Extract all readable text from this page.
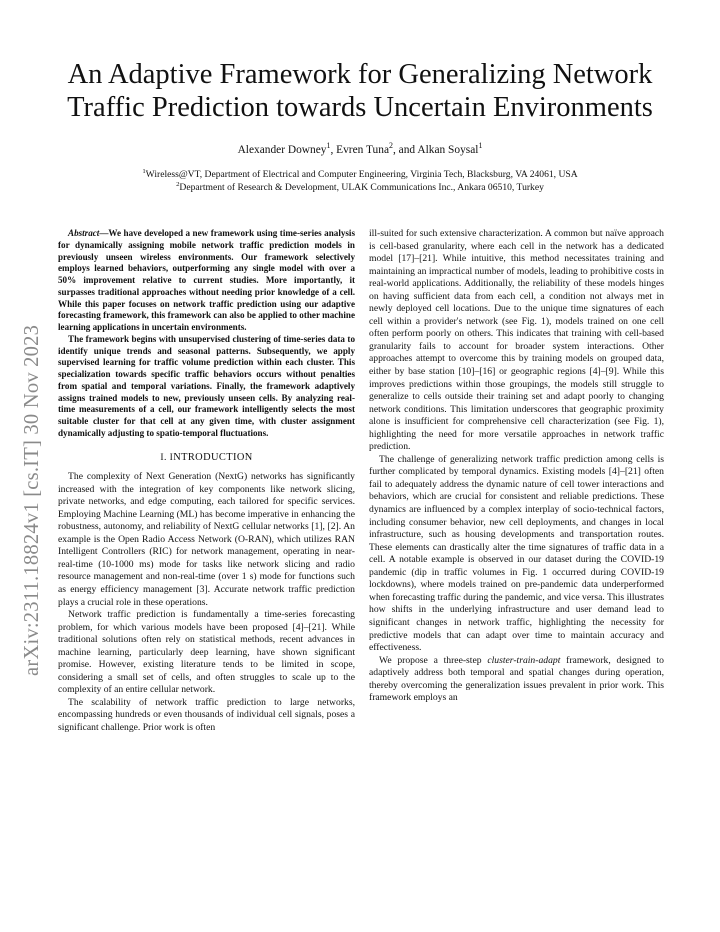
arXiv:2311.18824v1 [cs.IT] 30 Nov 2023
An Adaptive Framework for Generalizing Network Traffic Prediction towards Uncertain Environments
Alexander Downey$^1$, Evren Tuna$^2$, and Alkan Soysal$^1$
$^1$Wireless@VT, Department of Electrical and Computer Engineering, Virginia Tech, Blacksburg, VA 24061, USA
$^2$Department of Research & Development, ULAK Communications Inc., Ankara 06510, Turkey

Abstract—We have developed a new framework using time-series analysis for dynamically assigning mobile network traffic prediction models in previously unseen wireless environments. Our framework selectively employs learned behaviors, outperforming any single model with over a 50% improvement relative to current studies. More importantly, it surpasses traditional approaches without needing prior knowledge of a cell. While this paper focuses on network traffic prediction using our adaptive forecasting framework, this framework can also be applied to other machine learning applications in uncertain environments.

The framework begins with unsupervised clustering of time-series data to identify unique trends and seasonal patterns. Subsequently, we apply supervised learning for traffic volume prediction within each cluster. This specialization towards specific traffic behaviors occurs without penalties from spatial and temporal variations. Finally, the framework adaptively assigns trained models to new, previously unseen cells. By analyzing real-time measurements of a cell, our framework intelligently selects the most suitable cluster for that cell at any given time, with cluster assignment dynamically adjusting to spatio-temporal fluctuations.

I. INTRODUCTION

The complexity of Next Generation (NextG) networks has significantly increased with the integration of key components like network slicing, private networks, and edge computing, each tailored for specific services. Employing Machine Learning (ML) has become imperative in enhancing the robustness, autonomy, and reliability of NextG cellular networks [1], [2]. An example is the Open Radio Access Network (O-RAN), which utilizes RAN Intelligent Controllers (RIC) for network management, operating in near-real-time (10-1000 ms) mode for tasks like network slicing and radio resource management and non-real-time (over 1 s) mode for functions such as energy efficiency management [3]. Accurate network traffic prediction plays a crucial role in these operations.

Network traffic prediction is fundamentally a time-series forecasting problem, for which various models have been proposed [4]–[21]. While traditional solutions often rely on statistical methods, recent advances in machine learning, particularly deep learning, have shown significant promise. However, existing literature tends to be limited in scope, considering a small set of cells, and often struggles to scale up to the complexity of an entire cellular network.

The scalability of network traffic prediction to large networks, encompassing hundreds or even thousands of individual cell signals, poses a significant challenge. Prior work is often

ill-suited for such extensive characterization. A common but naïve approach is cell-based granularity, where each cell in the network has a dedicated model [17]–[21]. While intuitive, this method necessitates training and maintaining an impractical number of models, leading to prohibitive costs in real-world applications. Additionally, the reliability of these models hinges on having sufficient data from each cell, a condition not always met in newly deployed cell locations. Due to the unique time signatures of each cell within a provider's network (see Fig. 1), models trained on one cell often perform poorly on others. This indicates that training with cell-based granularity fails to account for broader system interactions. Other approaches attempt to overcome this by training models on grouped data, either by base station [10]–[16] or geographic regions [4]–[9]. While this improves predictions within those groupings, the models still struggle to generalize to cells outside their training set and adapt poorly to changing network conditions. This limitation underscores that geographic proximity alone is insufficient for comprehensive cell characterization (see Fig. 1), highlighting the need for more versatile approaches in network traffic prediction.

The challenge of generalizing network traffic prediction among cells is further complicated by temporal dynamics. Existing models [4]–[21] often fail to adequately address the dynamic nature of cell tower interactions and behaviors, which are crucial for consistent and reliable predictions. These dynamics are influenced by a complex interplay of socio-technical factors, including consumer behavior, new cell deployments, and changes in local infrastructure, such as housing developments and transportation routes. These elements can drastically alter the time signatures of traffic data in a cell. A notable example is observed in our dataset during the COVID-19 pandemic (dip in traffic volumes in Fig. 1 occurred during COVID-19 lockdowns), where models trained on pre-pandemic data underperformed when forecasting traffic during the pandemic, and vice versa. This illustrates how shifts in the underlying infrastructure and user demand lead to significant changes in network traffic, highlighting the necessity for predictive models that can adapt over time to maintain accuracy and effectiveness.

We propose a three-step cluster-train-adapt framework, designed to adaptively address both temporal and spatial changes during operation, thereby overcoming the generalization issues prevalent in prior work. This framework employs an
